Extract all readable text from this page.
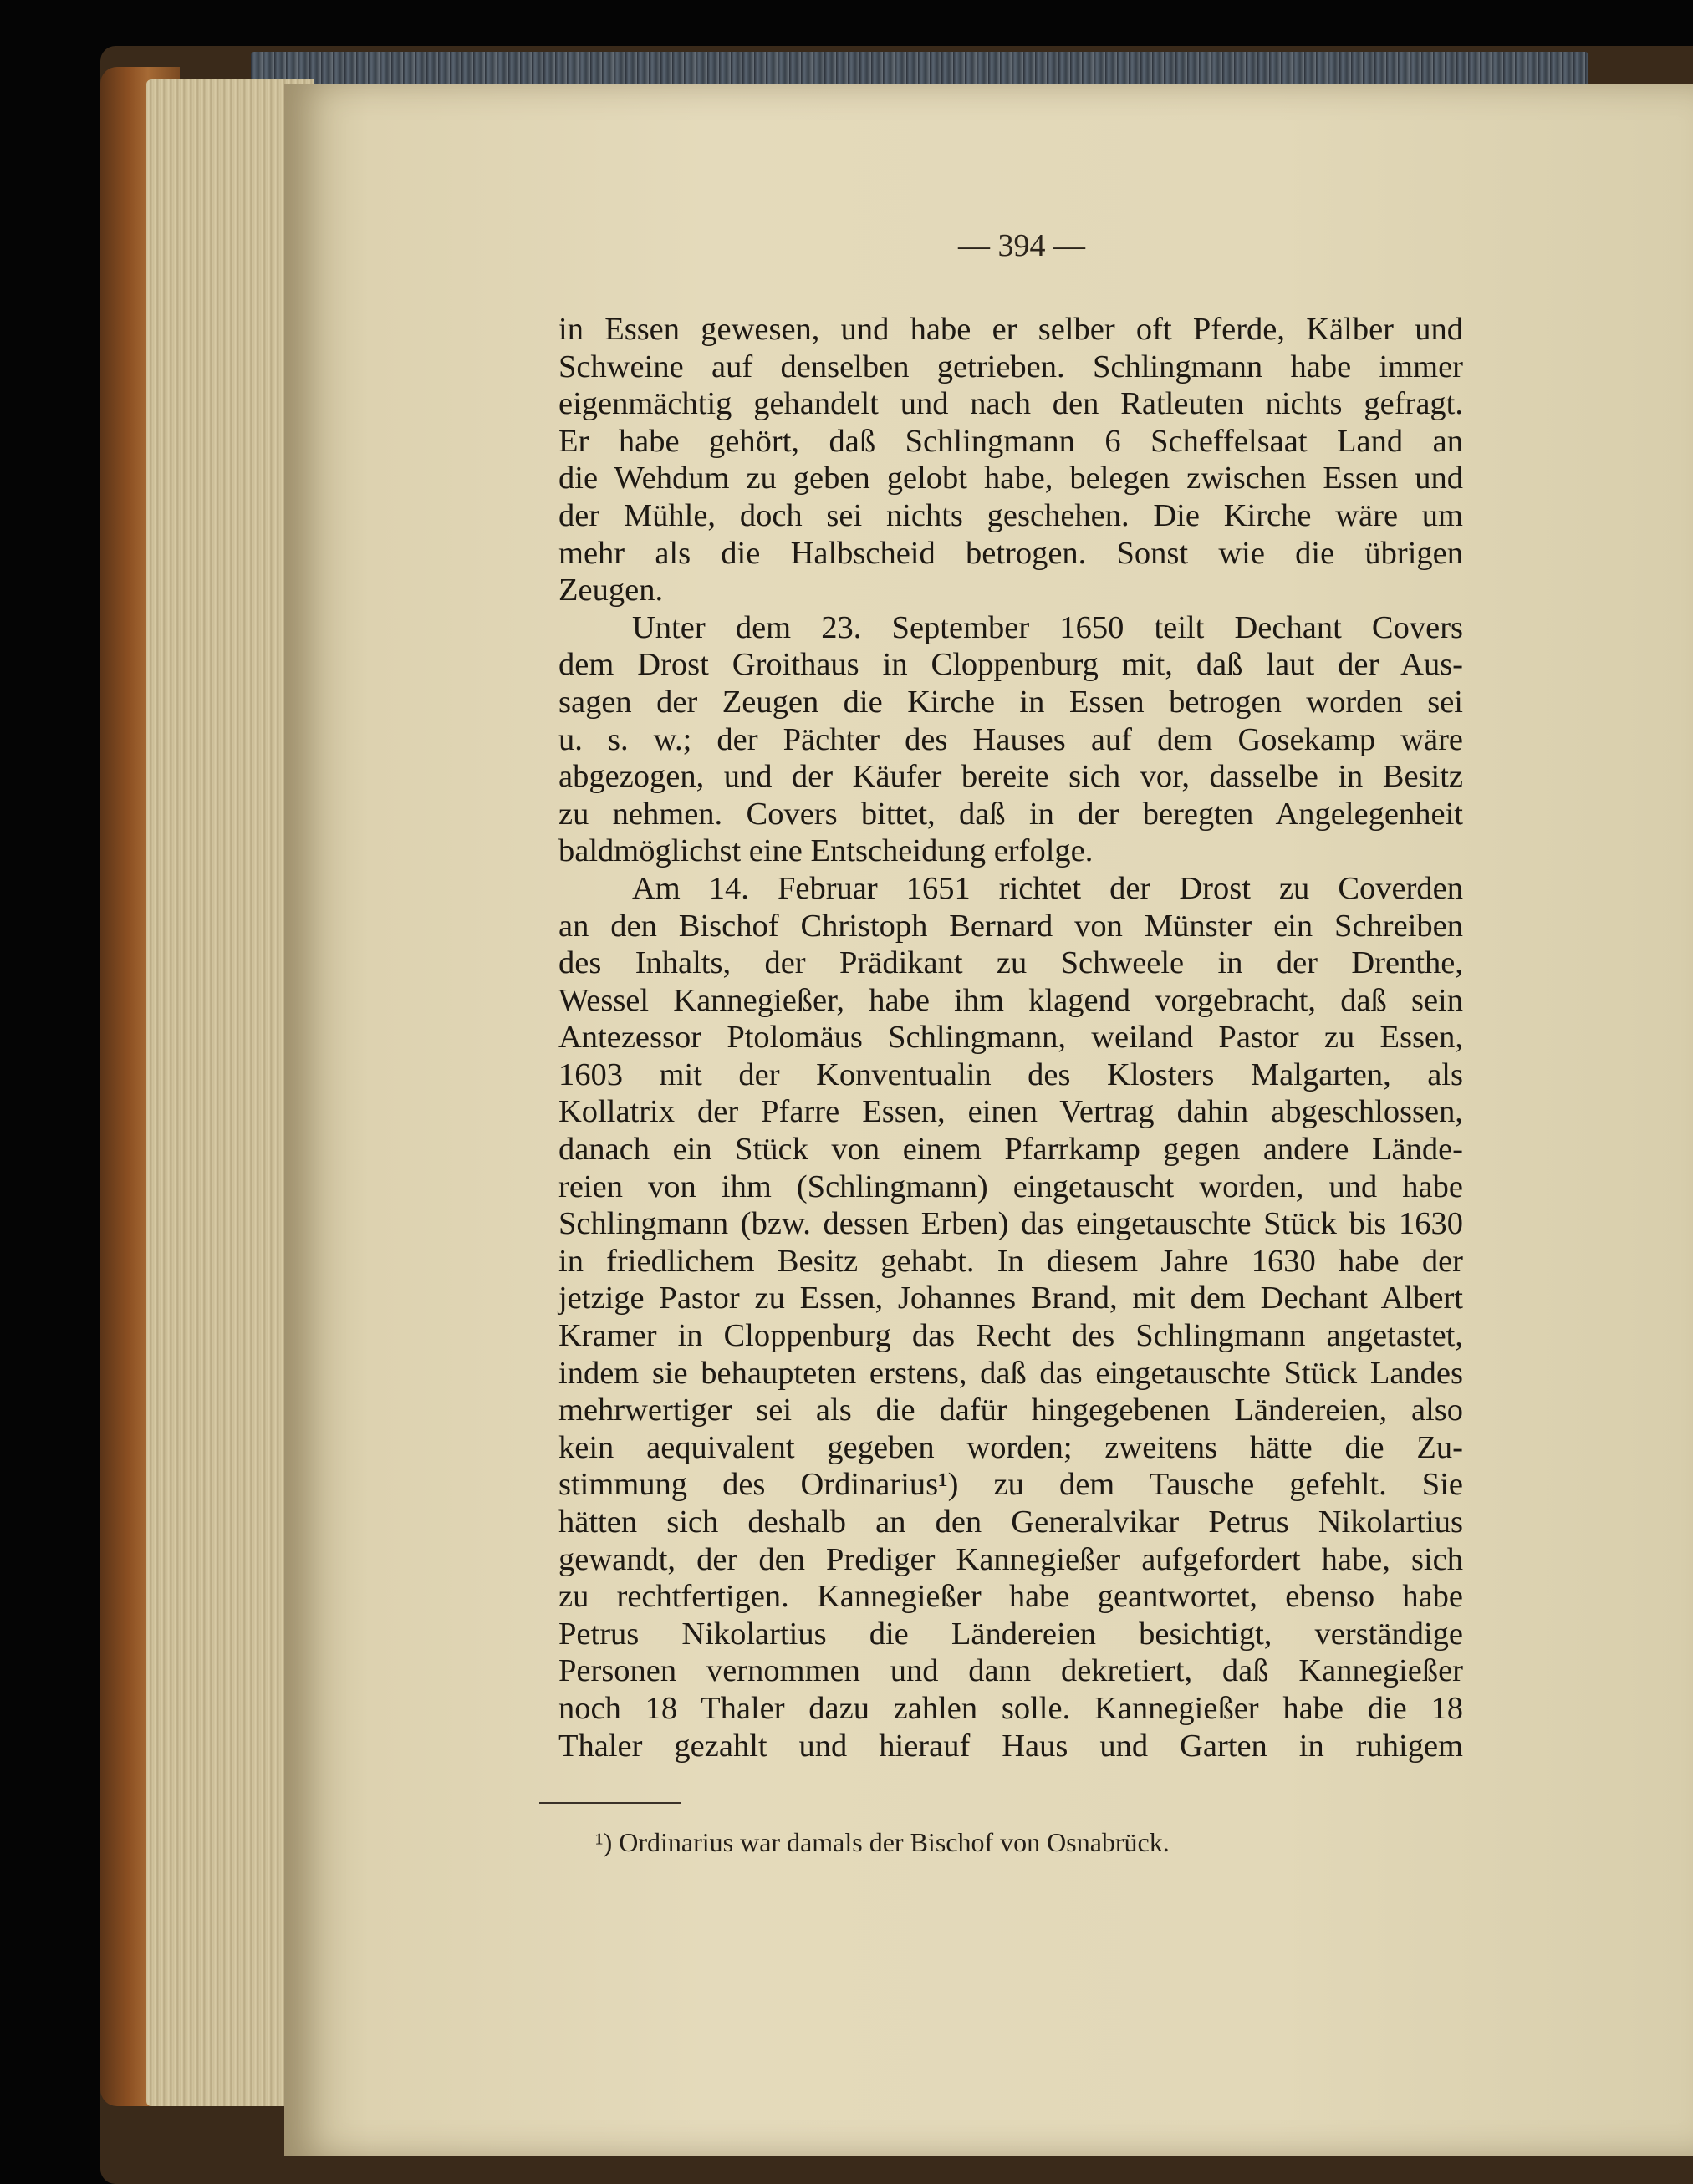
— 394 —
in Essen gewesen, und habe er selber oft Pferde, Kälber und
Schweine auf denselben getrieben. Schlingmann habe immer
eigenmächtig gehandelt und nach den Ratleuten nichts gefragt.
Er habe gehört, daß Schlingmann 6 Scheffelsaat Land an
die Wehdum zu geben gelobt habe, belegen zwischen Essen und
der Mühle, doch sei nichts geschehen. Die Kirche wäre um
mehr als die Halbscheid betrogen. Sonst wie die übrigen
Zeugen.
Unter dem 23. September 1650 teilt Dechant Covers
dem Drost Groithaus in Cloppenburg mit, daß laut der Aus-
sagen der Zeugen die Kirche in Essen betrogen worden sei
u. s. w.; der Pächter des Hauses auf dem Gosekamp wäre
abgezogen, und der Käufer bereite sich vor, dasselbe in Besitz
zu nehmen. Covers bittet, daß in der beregten Angelegenheit
baldmöglichst eine Entscheidung erfolge.
Am 14. Februar 1651 richtet der Drost zu Coverden
an den Bischof Christoph Bernard von Münster ein Schreiben
des Inhalts, der Prädikant zu Schweele in der Drenthe,
Wessel Kannegießer, habe ihm klagend vorgebracht, daß sein
Antezessor Ptolomäus Schlingmann, weiland Pastor zu Essen,
1603 mit der Konventualin des Klosters Malgarten, als
Kollatrix der Pfarre Essen, einen Vertrag dahin abgeschlossen,
danach ein Stück von einem Pfarrkamp gegen andere Lände-
reien von ihm (Schlingmann) eingetauscht worden, und habe
Schlingmann (bzw. dessen Erben) das eingetauschte Stück bis 1630
in friedlichem Besitz gehabt. In diesem Jahre 1630 habe der
jetzige Pastor zu Essen, Johannes Brand, mit dem Dechant Albert
Kramer in Cloppenburg das Recht des Schlingmann angetastet,
indem sie behaupteten erstens, daß das eingetauschte Stück Landes
mehrwertiger sei als die dafür hingegebenen Ländereien, also
kein aequivalent gegeben worden; zweitens hätte die Zu-
stimmung des Ordinarius¹) zu dem Tausche gefehlt. Sie
hätten sich deshalb an den Generalvikar Petrus Nikolartius
gewandt, der den Prediger Kannegießer aufgefordert habe, sich
zu rechtfertigen. Kannegießer habe geantwortet, ebenso habe
Petrus Nikolartius die Ländereien besichtigt, verständige
Personen vernommen und dann dekretiert, daß Kannegießer
noch 18 Thaler dazu zahlen solle. Kannegießer habe die 18
Thaler gezahlt und hierauf Haus und Garten in ruhigem
¹) Ordinarius war damals der Bischof von Osnabrück.
